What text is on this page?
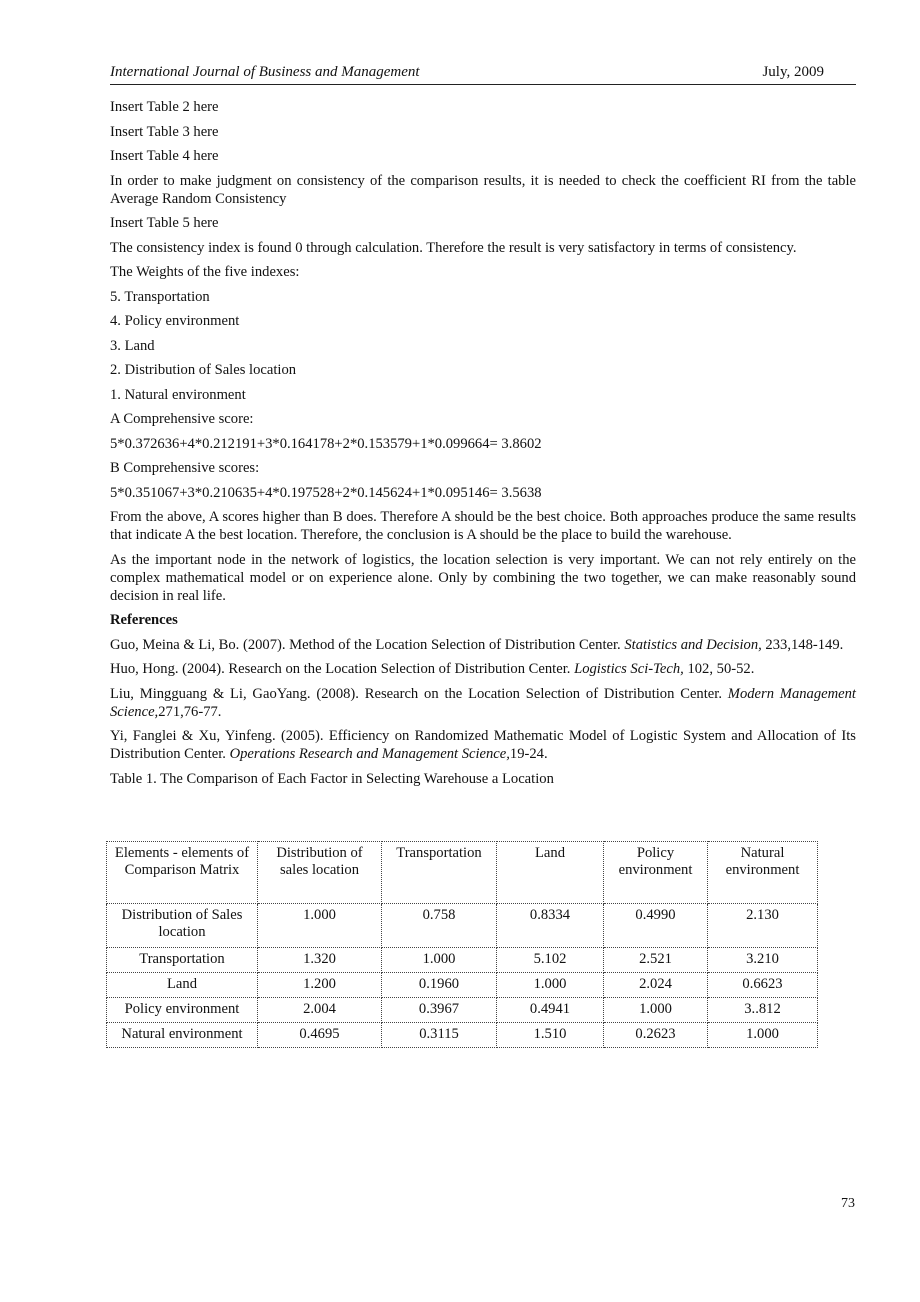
International Journal of Business and Management	July, 2009

Insert Table 2 here

Insert Table 3 here

Insert Table 4 here

In order to make judgment on consistency of the comparison results, it is needed to check the coefficient RI from the table Average Random Consistency

Insert Table 5 here

The consistency index is found 0 through calculation. Therefore the result is very satisfactory in terms of consistency.

The Weights of the five indexes:

5. Transportation

4. Policy environment

3. Land

2. Distribution of Sales location

1. Natural environment

A Comprehensive score:

5*0.372636+4*0.212191+3*0.164178+2*0.153579+1*0.099664= 3.8602

B Comprehensive scores:

5*0.351067+3*0.210635+4*0.197528+2*0.145624+1*0.095146= 3.5638

From the above, A scores higher than B does. Therefore A should be the best choice. Both approaches produce the same results that indicate A the best location. Therefore, the conclusion is A should be the place to build the warehouse.

As the important node in the network of logistics, the location selection is very important. We can not rely entirely on the complex mathematical model or on experience alone. Only by combining the two together, we can make reasonably sound decision in real life.

References

Guo, Meina & Li, Bo. (2007). Method of the Location Selection of Distribution Center. Statistics and Decision, 233,148-149.

Huo, Hong. (2004). Research on the Location Selection of Distribution Center. Logistics Sci-Tech, 102, 50-52.

Liu, Mingguang & Li, GaoYang. (2008). Research on the Location Selection of Distribution Center. Modern Management Science,271,76-77.

Yi, Fanglei & Xu, Yinfeng. (2005). Efficiency on Randomized Mathematic Model of Logistic System and Allocation of Its Distribution Center. Operations Research and Management Science,19-24.

Table 1. The Comparison of Each Factor in Selecting Warehouse a Location

Elements - elements of Comparison Matrix	Distribution of sales location	Transportation	Land	Policy environment	Natural environment
Distribution of Sales location	1.000	0.758	0.8334	0.4990	2.130
Transportation	1.320	1.000	5.102	2.521	3.210
Land	1.200	0.1960	1.000	2.024	0.6623
Policy environment	2.004	0.3967	0.4941	1.000	3..812
Natural environment	0.4695	0.3115	1.510	0.2623	1.000
73
